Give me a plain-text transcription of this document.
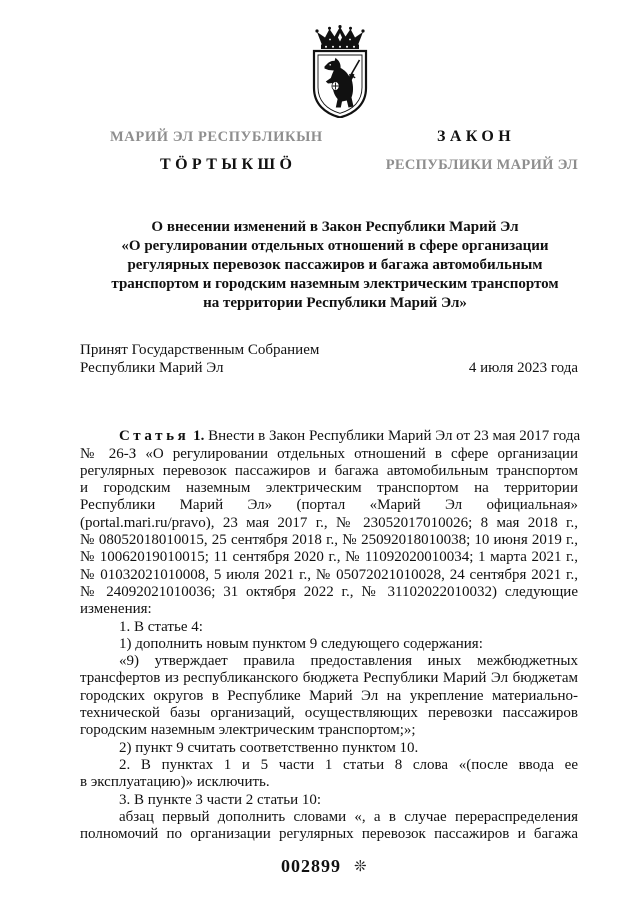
МАРИЙ ЭЛ РЕСПУБЛИКЫН	ЗАКОН
ТӦРТЫКШӦ	РЕСПУБЛИКИ МАРИЙ ЭЛ
О внесении изменений в Закон Республики Марий Эл
«О регулировании отдельных отношений в сфере организации
регулярных перевозок пассажиров и багажа автомобильным
транспортом и городским наземным электрическим транспортом
на территории Республики Марий Эл»
Принят Государственным Собранием
Республики Марий Эл	4 июля 2023 года
Статья 1. Внести в Закон Республики Марий Эл от 23 мая 2017 года
№ 26-З «О регулировании отдельных отношений в сфере организации
регулярных перевозок пассажиров и багажа автомобильным транспортом
и городским наземным электрическим транспортом на территории
Республики Марий Эл» (портал «Марий Эл официальная»
(portal.mari.ru/pravo), 23 мая 2017 г., № 23052017010026; 8 мая 2018 г.,
№ 08052018010015, 25 сентября 2018 г., № 25092018010038; 10 июня 2019 г.,
№ 10062019010015; 11 сентября 2020 г., № 11092020010034; 1 марта 2021 г.,
№ 01032021010008, 5 июля 2021 г., № 05072021010028, 24 сентября 2021 г.,
№ 24092021010036; 31 октября 2022 г., № 31102022010032) следующие
изменения:
1. В статье 4:
1) дополнить новым пунктом 9 следующего содержания:
«9) утверждает правила предоставления иных межбюджетных
трансфертов из республиканского бюджета Республики Марий Эл бюджетам
городских округов в Республике Марий Эл на укрепление материально-
технической базы организаций, осуществляющих перевозки пассажиров
городским наземным электрическим транспортом;»;
2) пункт 9 считать соответственно пунктом 10.
2. В пунктах 1 и 5 части 1 статьи 8 слова «(после ввода ее
в эксплуатацию)» исключить.
3. В пункте 3 части 2 статьи 10:
абзац первый дополнить словами «, а в случае перераспределения
полномочий по организации регулярных перевозок пассажиров и багажа
002899
❊
